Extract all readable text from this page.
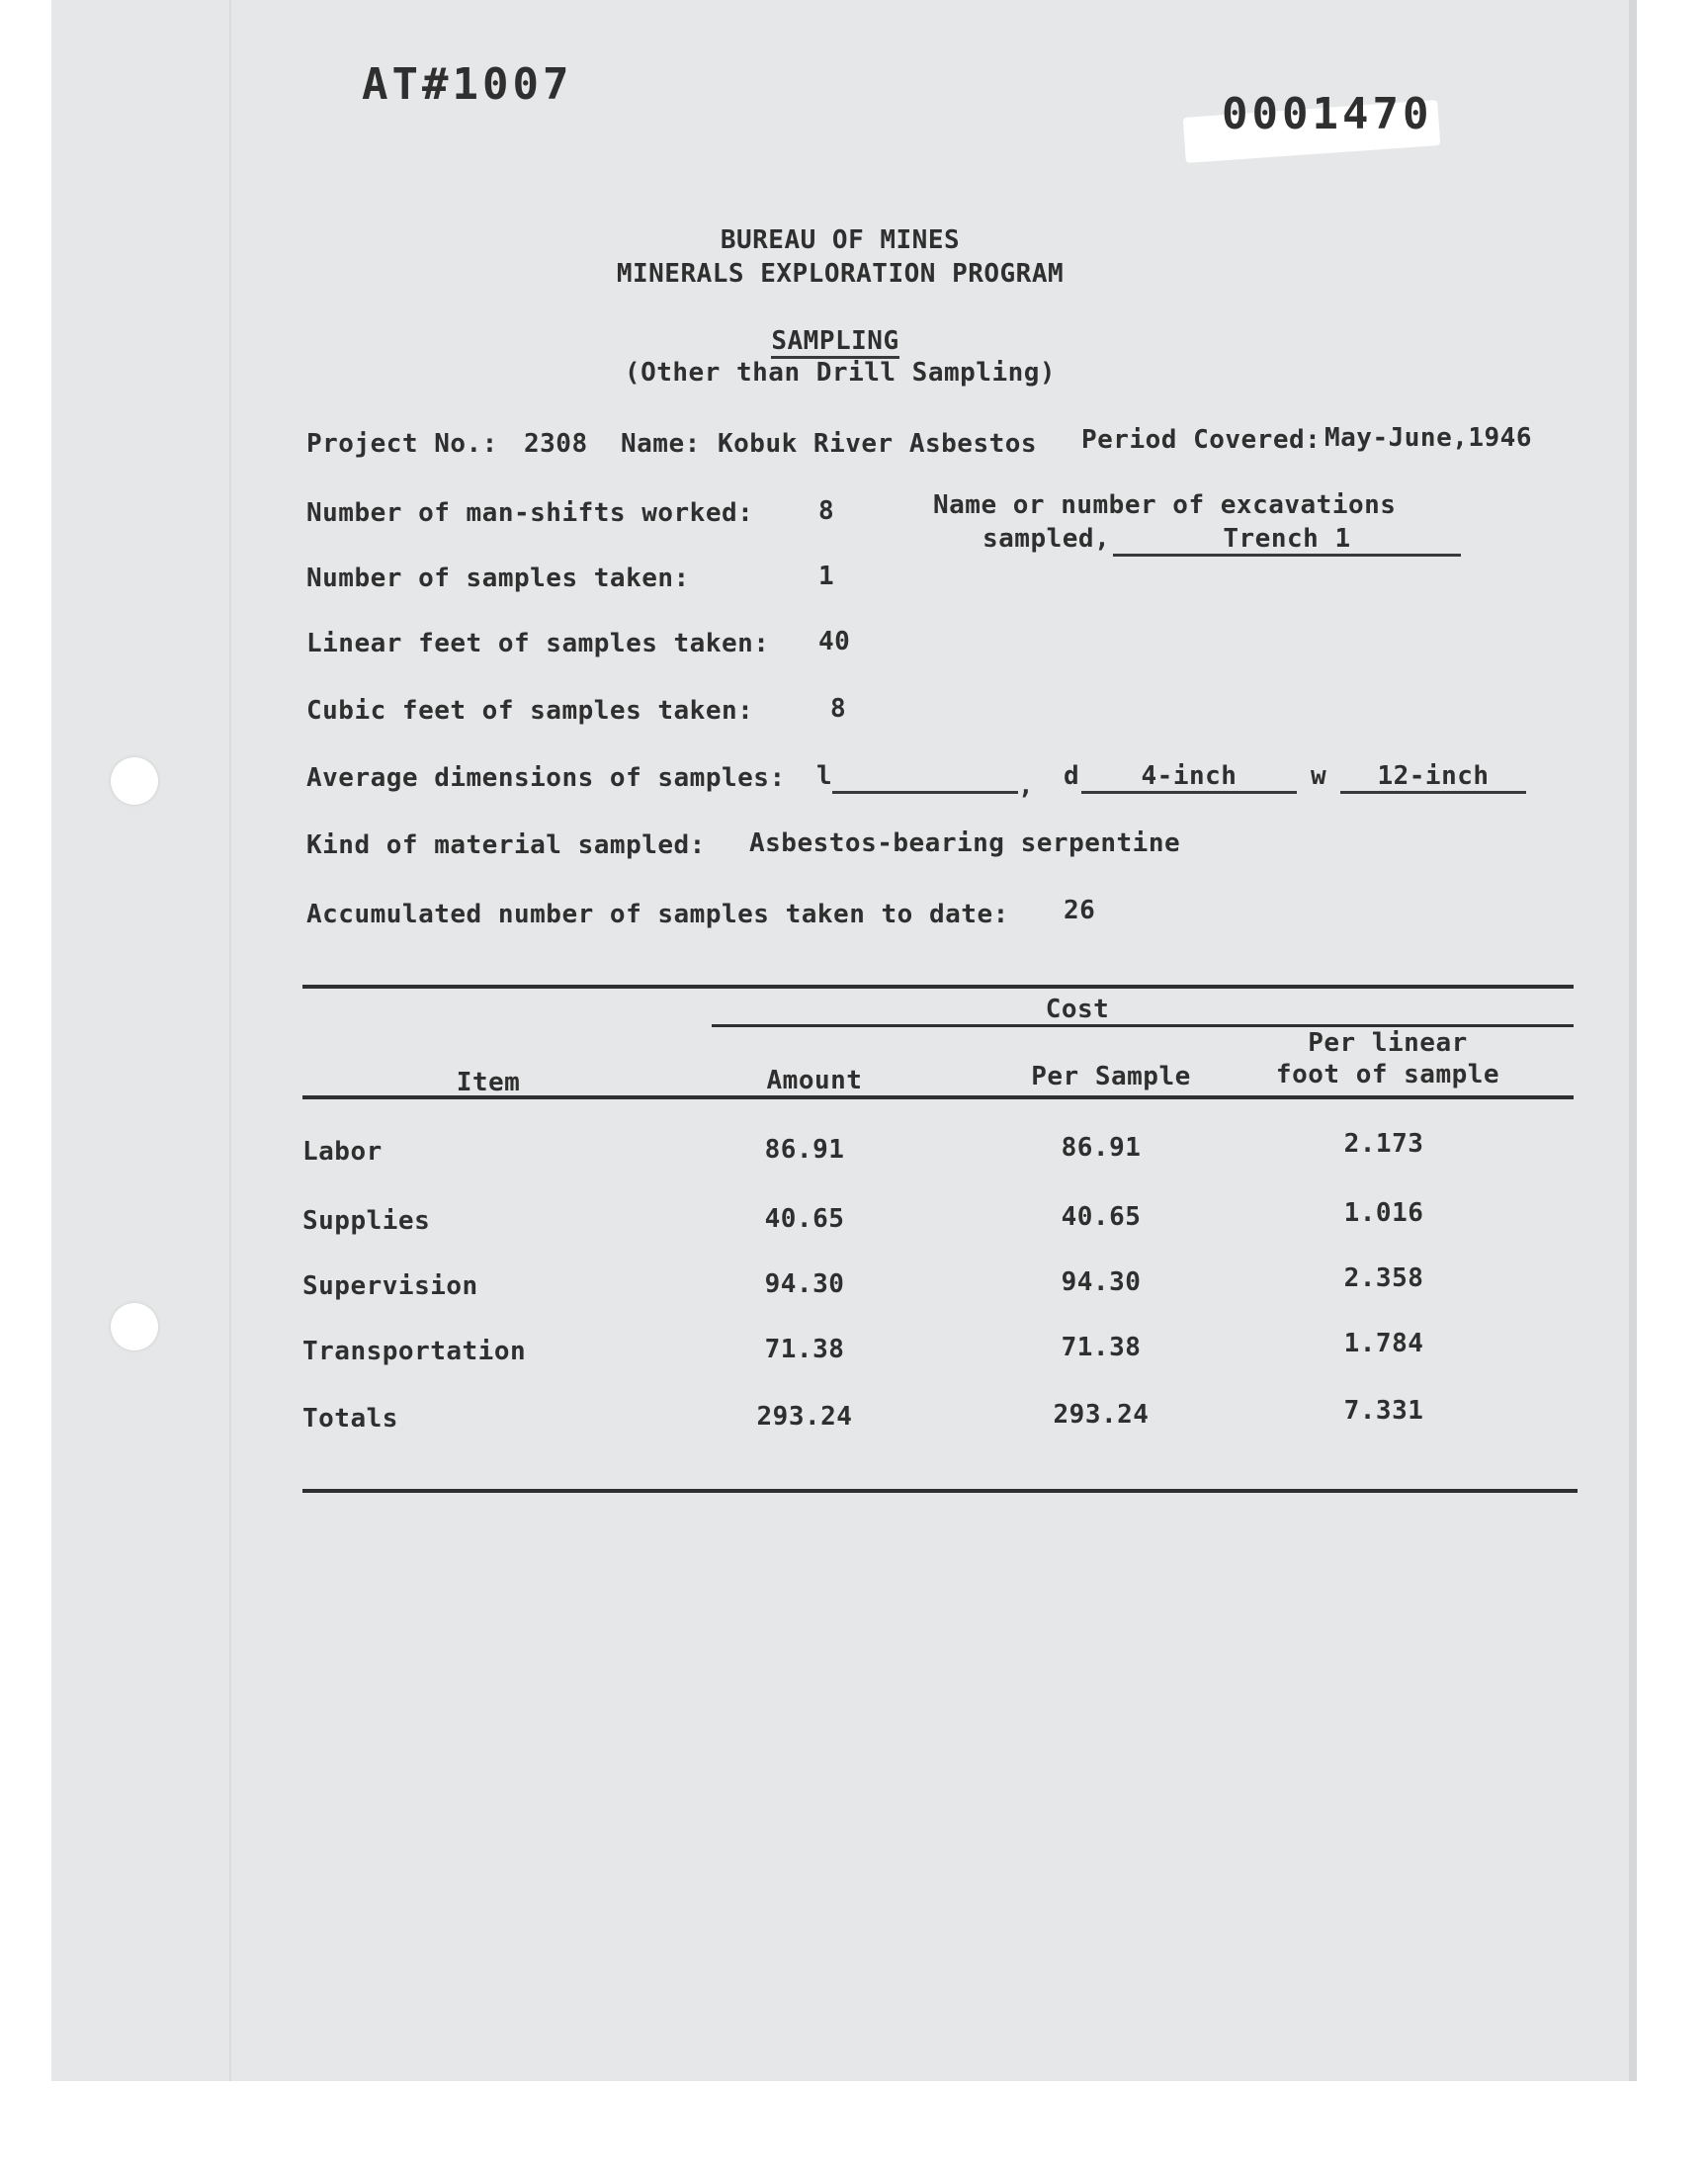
AT#1007
0001470
BUREAU OF MINES
MINERALS EXPLORATION PROGRAM
SAMPLING
(Other than Drill Sampling)
Project No.: 2308 Name: Kobuk River Asbestos Period Covered: May-June,1946
Number of man-shifts worked:	8	Name or number of excavations
sampled,	Trench 1
Number of samples taken:	1
Linear feet of samples taken: 40
Cubic feet of samples taken:	8
Average dimensions of samples: l	, d	4-inch	w	12-inch
Kind of material sampled: Asbestos-bearing serpentine
Accumulated number of samples taken to date: 26
Cost
Item	Amount	Per Sample
Per linear
foot of sample
Labor	86.91	86.91	2.173
Supplies	40.65	40.65	1.016
Supervision	94.30	94.30	2.358
Transportation	71.38	71.38	1.784
Totals	293.24	293.24	7.331
